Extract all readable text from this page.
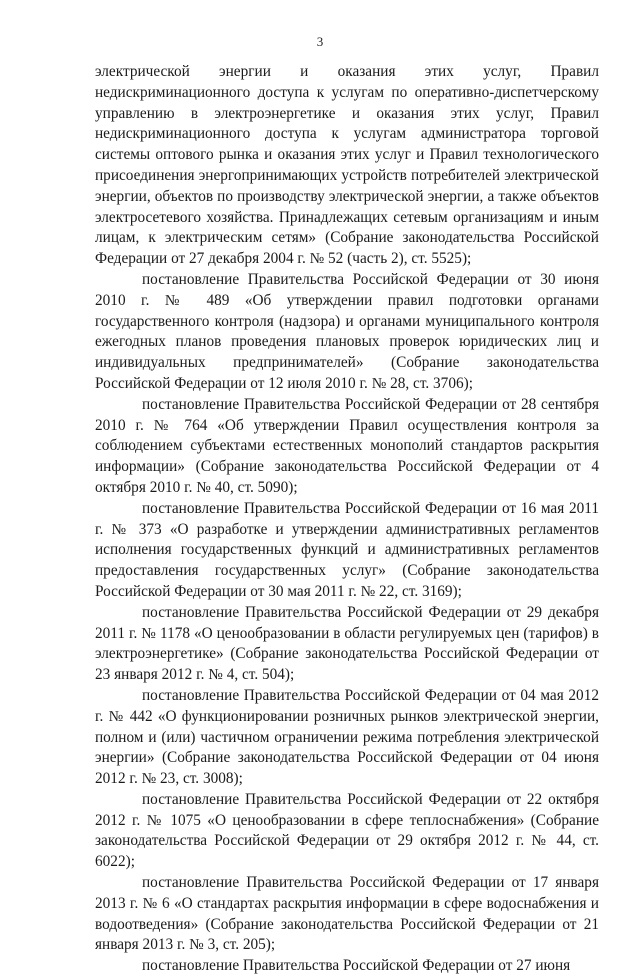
3

электрической энергии и оказания этих услуг, Правил недискриминационного доступа к услугам по оперативно-диспетчерскому управлению в электроэнергетике и оказания этих услуг, Правил недискриминационного доступа к услугам администратора торговой системы оптового рынка и оказания этих услуг и Правил технологического присоединения энергопринимающих устройств потребителей электрической энергии, объектов по производству электрической энергии, а также объектов электросетевого хозяйства. Принадлежащих сетевым организациям и иным лицам, к электрическим сетям» (Собрание законодательства Российской Федерации от 27 декабря 2004 г. № 52 (часть 2), ст. 5525);

постановление Правительства Российской Федерации от 30 июня 2010 г. № 489 «Об утверждении правил подготовки органами государственного контроля (надзора) и органами муниципального контроля ежегодных планов проведения плановых проверок юридических лиц и индивидуальных предпринимателей» (Собрание законодательства Российской Федерации от 12 июля 2010 г. № 28, ст. 3706);

постановление Правительства Российской Федерации от 28 сентября 2010 г. № 764 «Об утверждении Правил осуществления контроля за соблюдением субъектами естественных монополий стандартов раскрытия информации» (Собрание законодательства Российской Федерации от 4 октября 2010 г. № 40, ст. 5090);

постановление Правительства Российской Федерации от 16 мая 2011 г. № 373 «О разработке и утверждении административных регламентов исполнения государственных функций и административных регламентов предоставления государственных услуг» (Собрание законодательства Российской Федерации от 30 мая 2011 г. № 22, ст. 3169);

постановление Правительства Российской Федерации от 29 декабря 2011 г. № 1178 «О ценообразовании в области регулируемых цен (тарифов) в электроэнергетике» (Собрание законодательства Российской Федерации от 23 января 2012 г. № 4, ст. 504);

постановление Правительства Российской Федерации от 04 мая 2012 г. № 442 «О функционировании розничных рынков электрической энергии, полном и (или) частичном ограничении режима потребления электрической энергии» (Собрание законодательства Российской Федерации от 04 июня 2012 г. № 23, ст. 3008);

постановление Правительства Российской Федерации от 22 октября 2012 г. № 1075 «О ценообразовании в сфере теплоснабжения» (Собрание законодательства Российской Федерации от 29 октября 2012 г. № 44, ст. 6022);

постановление Правительства Российской Федерации от 17 января 2013 г. № 6 «О стандартах раскрытия информации в сфере водоснабжения и водоотведения» (Собрание законодательства Российской Федерации от 21 января 2013 г. № 3, ст. 205);

постановление Правительства Российской Федерации от 27 июня
